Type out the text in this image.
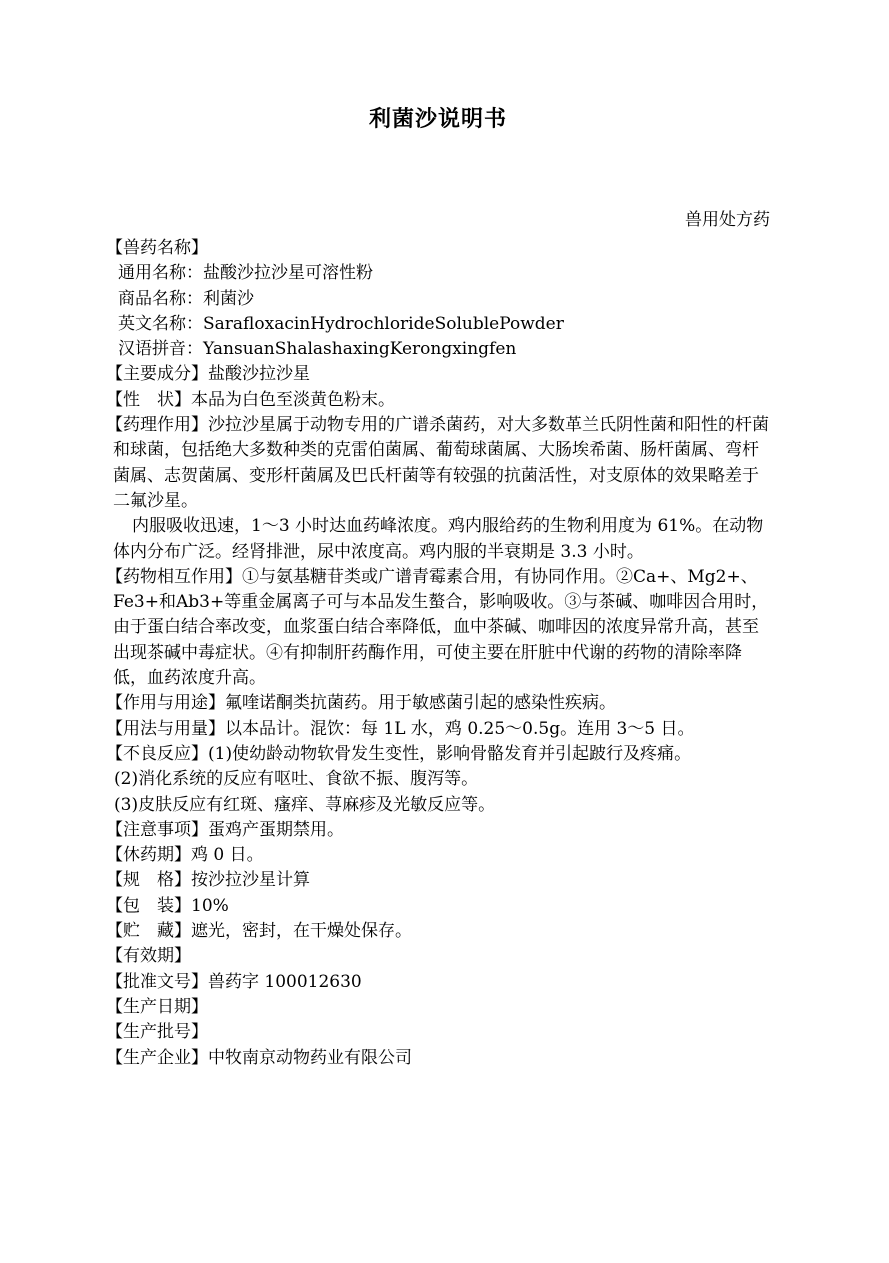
利菌沙说明书
兽用处方药
【兽药名称】
通用名称：盐酸沙拉沙星可溶性粉
商品名称：利菌沙
英文名称：SarafloxacinHydrochlorideSolublePowder
汉语拼音：YansuanShalashaxingKerongxingfen
【主要成分】盐酸沙拉沙星
【性　状】本品为白色至淡黄色粉末。
【药理作用】沙拉沙星属于动物专用的广谱杀菌药，对大多数革兰氏阴性菌和阳性的杆菌和球菌，包括绝大多数种类的克雷伯菌属、葡萄球菌属、大肠埃希菌、肠杆菌属、弯杆菌属、志贺菌属、变形杆菌属及巴氏杆菌等有较强的抗菌活性，对支原体的效果略差于二氟沙星。
内服吸收迅速，1～3 小时达血药峰浓度。鸡内服给药的生物利用度为 61%。在动物体内分布广泛。经肾排泄，尿中浓度高。鸡内服的半衰期是 3.3 小时。
【药物相互作用】①与氨基糖苷类或广谱青霉素合用，有协同作用。②Ca+、Mg2+、Fe3+和Ab3+等重金属离子可与本品发生螯合，影响吸收。③与茶碱、咖啡因合用时，由于蛋白结合率改变，血浆蛋白结合率降低，血中茶碱、咖啡因的浓度异常升高，甚至出现茶碱中毒症状。④有抑制肝药酶作用，可使主要在肝脏中代谢的药物的清除率降低，血药浓度升高。
【作用与用途】氟喹诺酮类抗菌药。用于敏感菌引起的感染性疾病。
【用法与用量】以本品计。混饮：每 1L 水，鸡 0.25～0.5g。连用 3～5 日。
【不良反应】(1)使幼龄动物软骨发生变性，影响骨骼发育并引起跛行及疼痛。
(2)消化系统的反应有呕吐、食欲不振、腹泻等。
(3)皮肤反应有红斑、瘙痒、荨麻疹及光敏反应等。
【注意事项】蛋鸡产蛋期禁用。
【休药期】鸡 0 日。
【规　格】按沙拉沙星计算
【包　装】10%
【贮　藏】遮光，密封，在干燥处保存。
【有效期】
【批准文号】兽药字 100012630
【生产日期】
【生产批号】
【生产企业】中牧南京动物药业有限公司
